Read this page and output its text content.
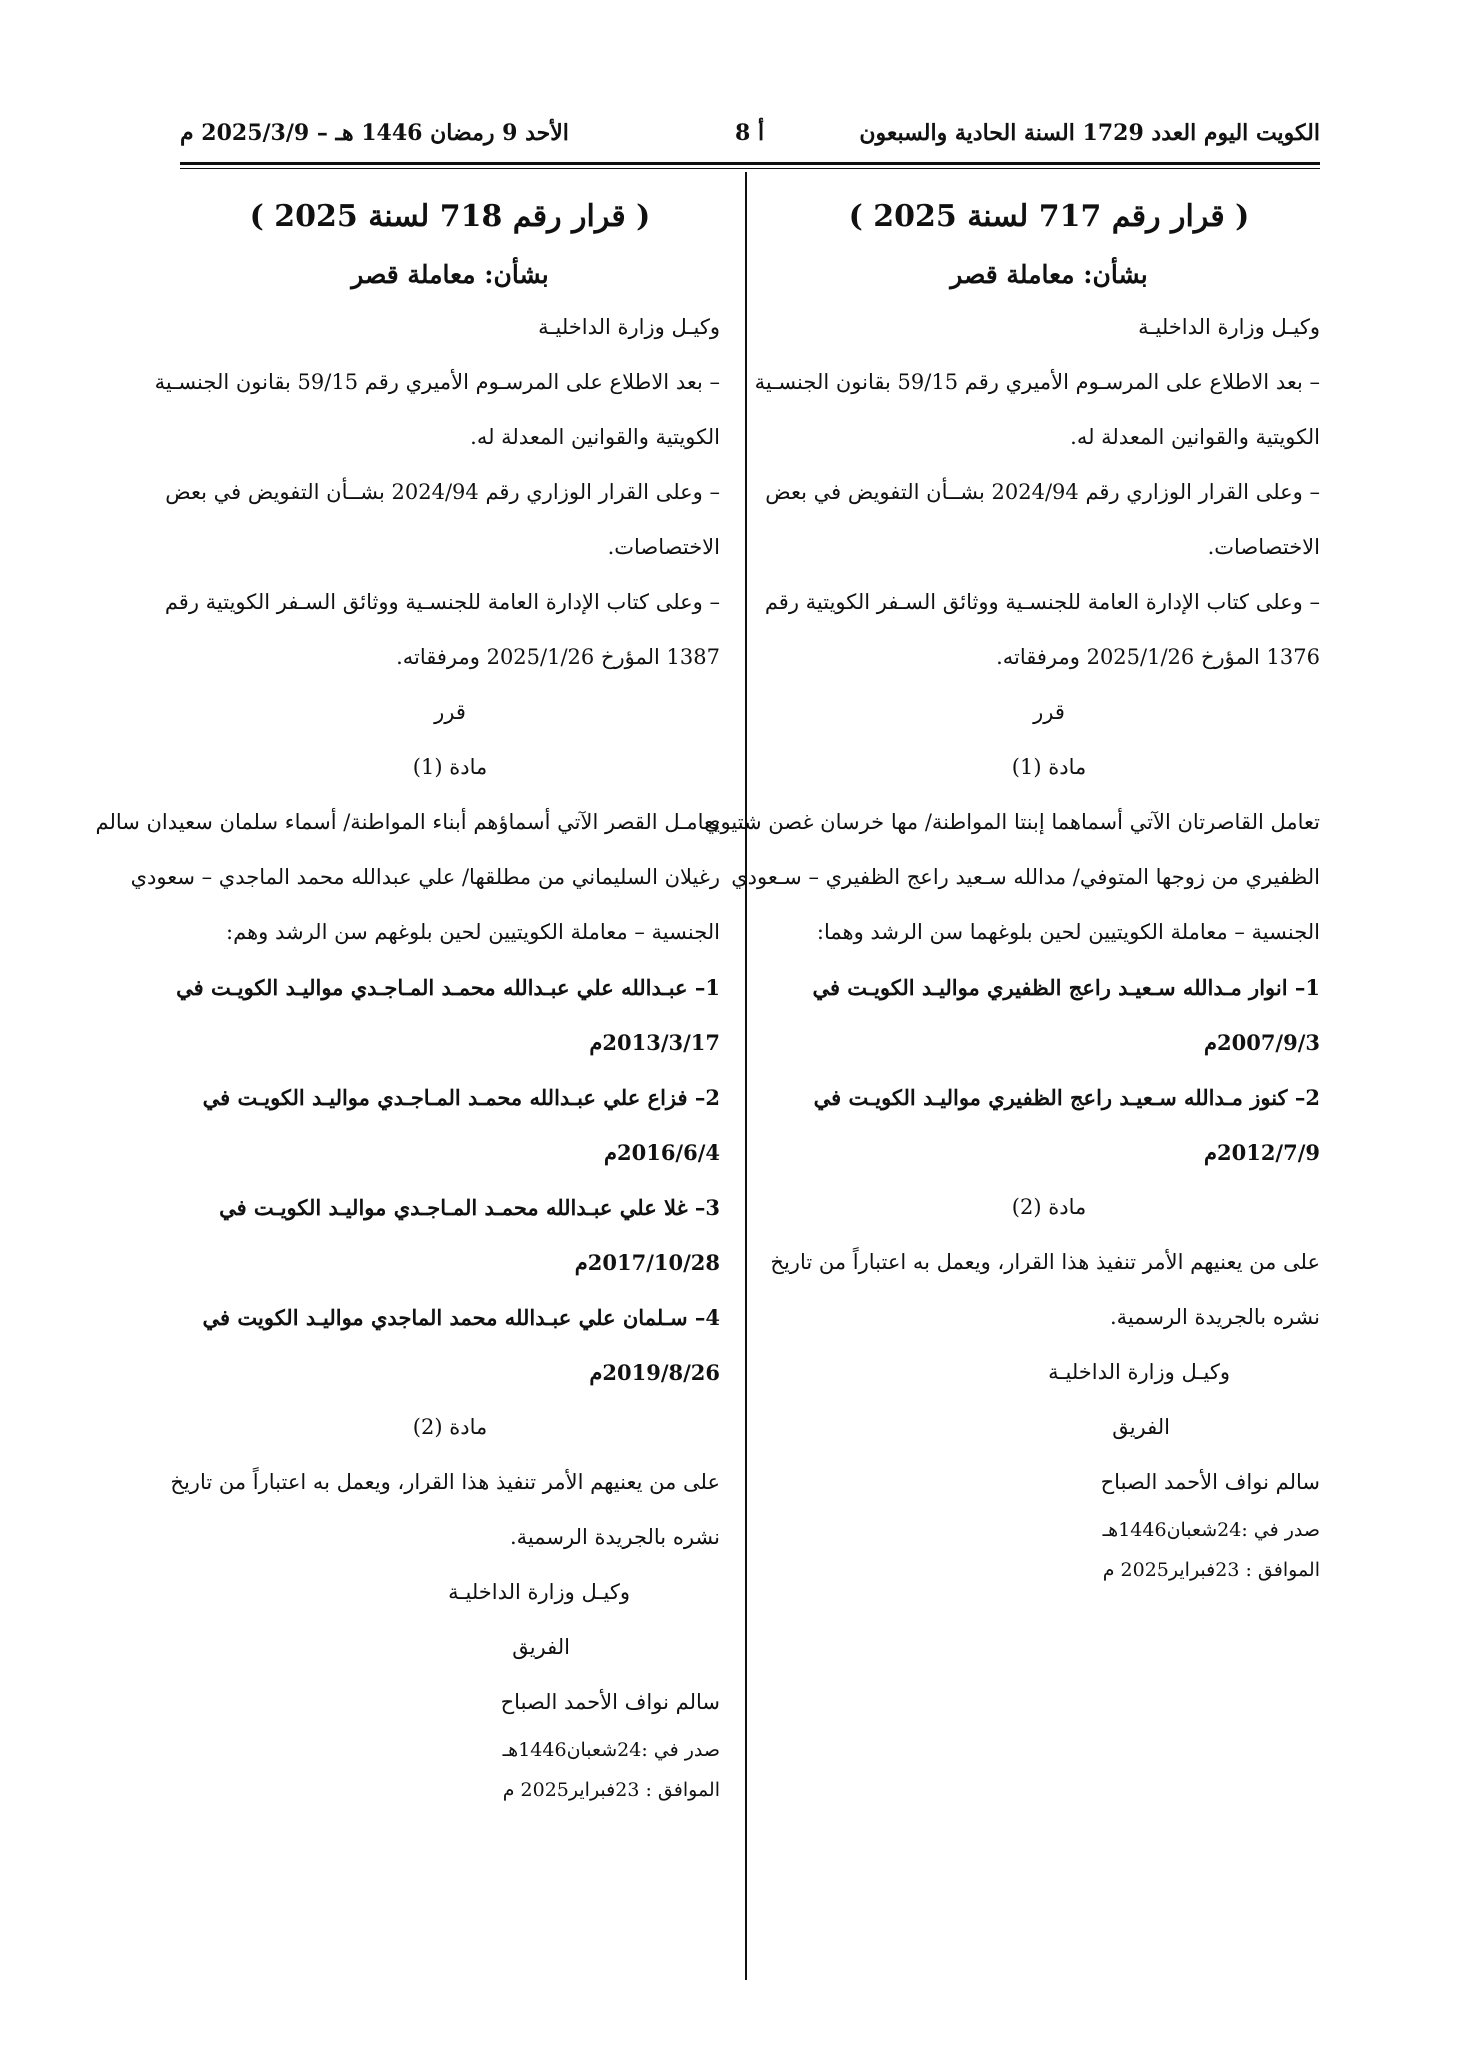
الكويت اليوم العدد 1729 السنة الحادية والسبعون
أ 8
الأحد 9 رمضان 1446 هـ – 2025/3/9 م
( قرار رقم 717 لسنة 2025 )
بشأن: معاملة قصر
وكيـل وزارة الداخليـة
– بعد الاطلاع على المرسـوم الأميري رقم 59/15 بقانون الجنسـية
الكويتية والقوانين المعدلة له.
– وعلى القرار الوزاري رقم 2024/94 بشــأن التفويض في بعض
الاختصاصات.
– وعلى كتاب الإدارة العامة للجنسـية ووثائق السـفر الكويتية رقم
1376 المؤرخ 2025/1/26 ومرفقاته.
قرر
مادة (1)
تعامل القاصرتان الآتي أسماهما إبنتا المواطنة/ مها خرسان غصن شتيوي
الظفيري من زوجها المتوفي/ مدالله سـعيد راعج الظفيري – سـعودي
الجنسية – معاملة الكويتيين لحين بلوغهما سن الرشد وهما:
1– انوار مـدالله سـعيـد راعج الظفيري مواليـد الكويـت في
2007/9/3م
2– كنوز مـدالله سـعيـد راعج الظفيري مواليـد الكويـت في
2012/7/9م
مادة (2)
على من يعنيهم الأمر تنفيذ هذا القرار، ويعمل به اعتباراً من تاريخ
نشره بالجريدة الرسمية.
وكيـل وزارة الداخليـة
الفريق
سالم نواف الأحمد الصباح
صدر في :24شعبان1446هـ
الموافق : 23فبراير2025 م
( قرار رقم 718 لسنة 2025 )
بشأن: معاملة قصر
وكيـل وزارة الداخليـة
– بعد الاطلاع على المرسـوم الأميري رقم 59/15 بقانون الجنسـية
الكويتية والقوانين المعدلة له.
– وعلى القرار الوزاري رقم 2024/94 بشــأن التفويض في بعض
الاختصاصات.
– وعلى كتاب الإدارة العامة للجنسـية ووثائق السـفر الكويتية رقم
1387 المؤرخ 2025/1/26 ومرفقاته.
قرر
مادة (1)
يعامـل القصر الآتي أسماؤهم أبناء المواطنة/ أسماء سلمان سعيدان سالم
رغيلان السليماني من مطلقها/ علي عبدالله محمد الماجدي – سعودي
الجنسية – معاملة الكويتيين لحين بلوغهم سن الرشد وهم:
1– عبـدالله علي عبـدالله محمـد المـاجـدي مواليـد الكويـت في
2013/3/17م
2– فزاع علي عبـدالله محمـد المـاجـدي مواليـد الكويـت في
2016/6/4م
3– غلا علي عبـدالله محمـد المـاجـدي مواليـد الكويـت في
2017/10/28م
4– سـلمان علي عبـدالله محمد الماجدي مواليـد الكويت في
2019/8/26م
مادة (2)
على من يعنيهم الأمر تنفيذ هذا القرار، ويعمل به اعتباراً من تاريخ
نشره بالجريدة الرسمية.
وكيـل وزارة الداخليـة
الفريق
سالم نواف الأحمد الصباح
صدر في :24شعبان1446هـ
الموافق : 23فبراير2025 م
